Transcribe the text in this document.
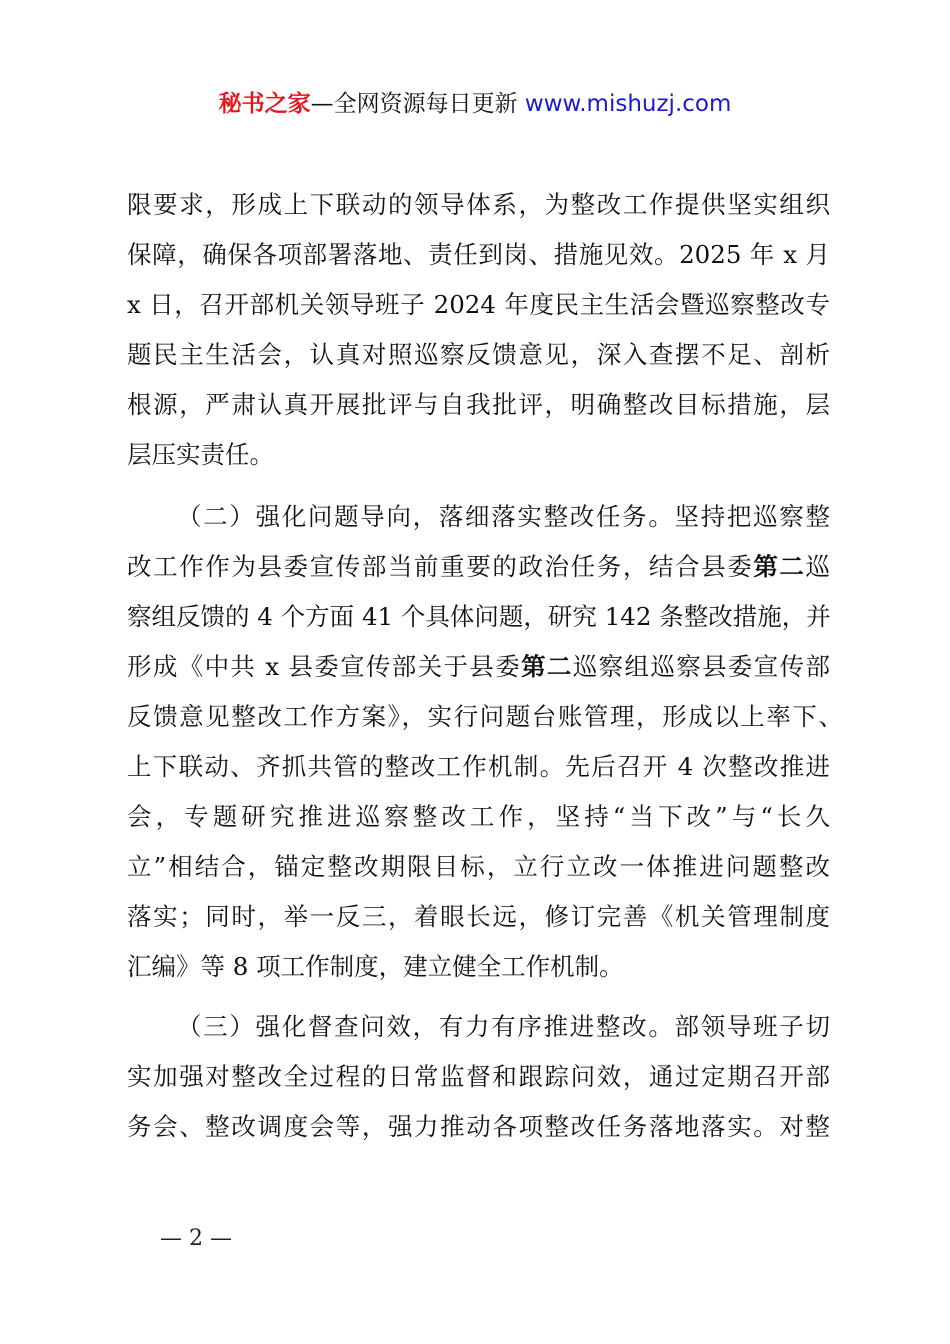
秘书之家—全网资源每日更新 www.mishuzj.com
限要求，形成上下联动的领导体系，为整改工作提供坚实组织
保障，确保各项部署落地、责任到岗、措施见效。2025 年 x 月
x 日，召开部机关领导班子 2024 年度民主生活会暨巡察整改专
题民主生活会，认真对照巡察反馈意见，深入查摆不足、剖析
根源，严肃认真开展批评与自我批评，明确整改目标措施，层
层压实责任。
（二）强化问题导向，落细落实整改任务。坚持把巡察整
改工作作为县委宣传部当前重要的政治任务，结合县委第二巡
察组反馈的 4 个方面 41 个具体问题，研究 142 条整改措施，并
形成《中共 x 县委宣传部关于县委第二巡察组巡察县委宣传部
反馈意见整改工作方案》，实行问题台账管理，形成以上率下、
上下联动、齐抓共管的整改工作机制。先后召开 4 次整改推进
会，专题研究推进巡察整改工作，坚持“当下改”与“长久
立”相结合，锚定整改期限目标，立行立改一体推进问题整改
落实；同时，举一反三，着眼长远，修订完善《机关管理制度
汇编》等 8 项工作制度，建立健全工作机制。
（三）强化督查问效，有力有序推进整改。部领导班子切
实加强对整改全过程的日常监督和跟踪问效，通过定期召开部
务会、整改调度会等，强力推动各项整改任务落地落实。对整
— 2 —
